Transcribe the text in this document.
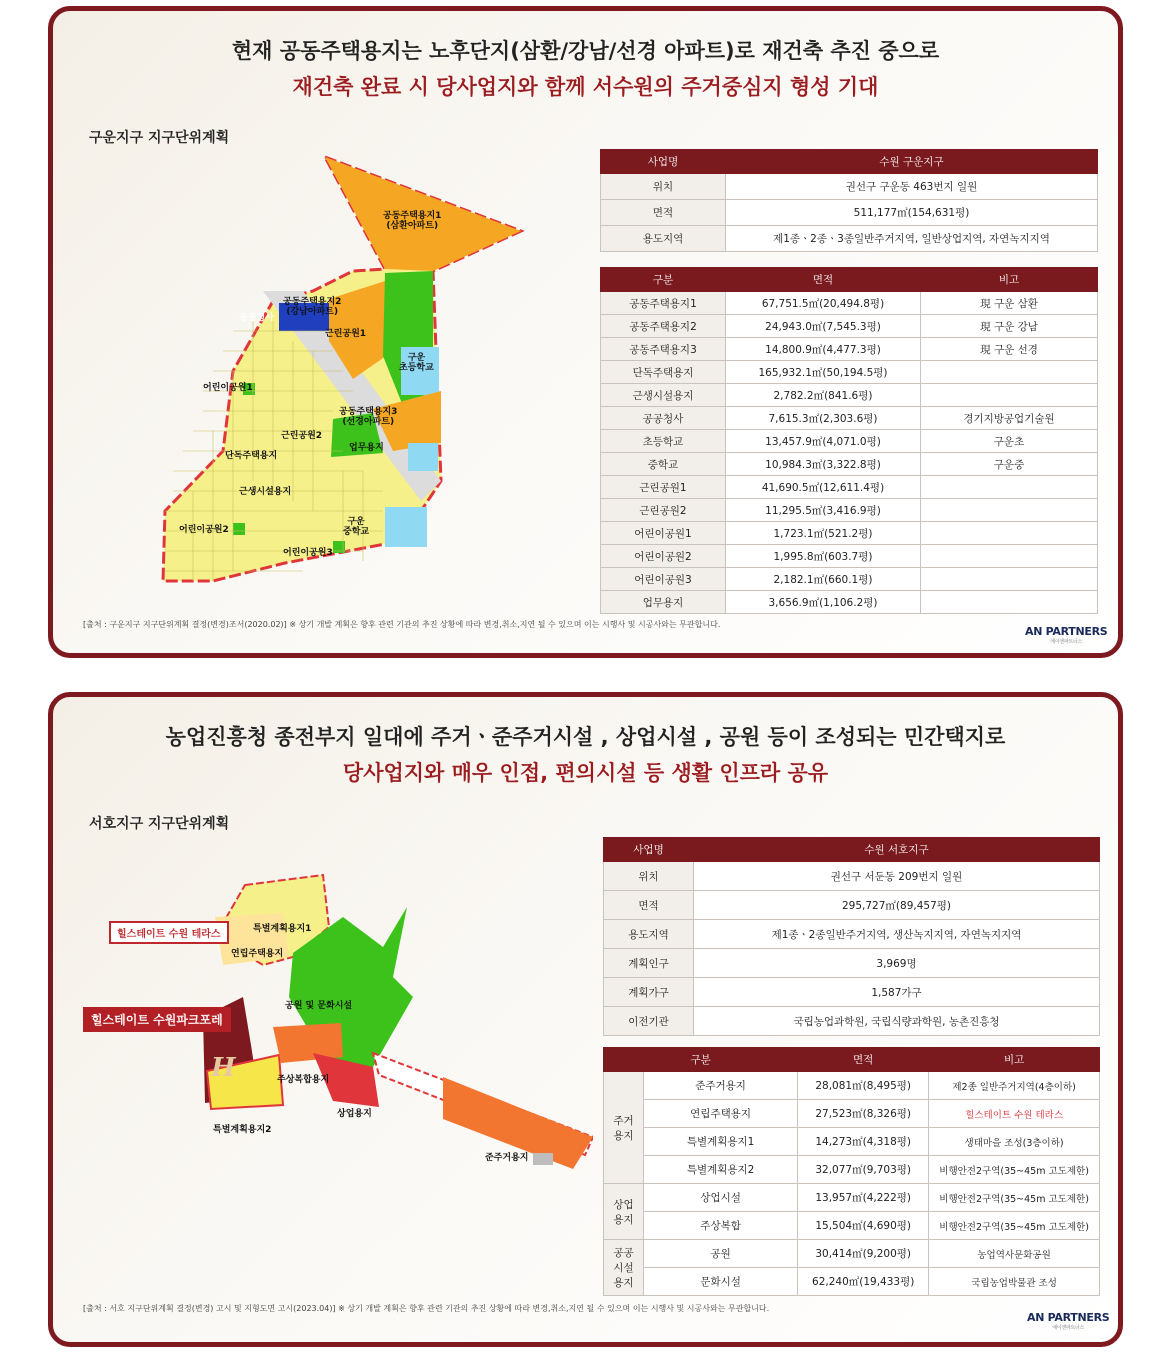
현재 공동주택용지는 노후단지(삼환/강남/선경 아파트)로 재건축 추진 중으로
재건축 완료 시 당사업지와 함께 서수원의 주거중심지 형성 기대
구운지구 지구단위계획
공동주택용지1
(삼환아파트)
공동주택용지2
(강남아파트)
공공청사
근린공원1
구운
초등학교
어린이공원1
공동주택용지3
(선경아파트)
근린공원2
업무용지
단독주택용지
근생시설용지
구운
중학교
어린이공원2
어린이공원3
사업명	수원 구운지구
위치	권선구 구운동 463번지 일원
면적	511,177㎡(154,631평)
용도지역	제1종ㆍ2종ㆍ3종일반주거지역, 일반상업지역, 자연녹지지역
구분	면적	비고
공동주택용지1	67,751.5㎡(20,494.8평)	現 구운 삼환
공동주택용지2	24,943.0㎡(7,545.3평)	現 구운 강남
공동주택용지3	14,800.9㎡(4,477.3평)	現 구운 선경
단독주택용지	165,932.1㎡(50,194.5평)	
근생시설용지	2,782.2㎡(841.6평)	
공공청사	7,615.3㎡(2,303.6평)	경기지방공업기술원
초등학교	13,457.9㎡(4,071.0평)	구운초
중학교	10,984.3㎡(3,322.8평)	구운중
근린공원1	41,690.5㎡(12,611.4평)	
근린공원2	11,295.5㎡(3,416.9평)	
어린이공원1	1,723.1㎡(521.2평)	
어린이공원2	1,995.8㎡(603.7평)	
어린이공원3	2,182.1㎡(660.1평)	
업무용지	3,656.9㎡(1,106.2평)	
[출처 : 구운지구 지구단위계획 결정(변경)조서(2020.02)] ※ 상기 개발 계획은 향후 관련 기관의 추진 상황에 따라 변경,취소,지연 될 수 있으며 이는 시행사 및 시공사와는 무관합니다.
AN PARTNERS
에이엔파트너스
농업진흥청 종전부지 일대에 주거ㆍ준주거시설 , 상업시설 , 공원 등이 조성되는 민간택지로
당사업지와 매우 인접, 편의시설 등 생활 인프라 공유
서호지구 지구단위계획
힐스테이트 수원 테라스
힐스테이트 수원파크포레
특별계획용지1
연립주택용지
공원 및 문화시설
주상복합용지
상업용지
특별계획용지2
준주거용지
H
사업명	수원 서호지구
위치	권선구 서둔동 209번지 일원
면적	295,727㎡(89,457평)
용도지역	제1종ㆍ2종일반주거지역, 생산녹지지역, 자연녹지지역
계획인구	3,969명
계획가구	1,587가구
이전기관	국립농업과학원, 국립식량과학원, 농촌진흥청
구분		면적	비고
주거
용지	준주거용지	28,081㎡(8,495평)	제2종 일반주거지역(4층이하)
	연립주택용지	27,523㎡(8,326평)	힐스테이트 수원 테라스
	특별계획용지1	14,273㎡(4,318평)	생태마을 조성(3층이하)
	특별계획용지2	32,077㎡(9,703평)	비행안전2구역(35~45m 고도제한)
상업
용지	상업시설	13,957㎡(4,222평)	비행안전2구역(35~45m 고도제한)
	주상복합	15,504㎡(4,690평)	비행안전2구역(35~45m 고도제한)
공공
시설
용지	공원	30,414㎡(9,200평)	농업역사문화공원
	문화시설	62,240㎡(19,433평)	국립농업박물관 조성
[출처 : 서호 지구단위계획 결정(변경) 고시 및 지형도면 고시(2023.04)] ※ 상기 개발 계획은 향후 관련 기관의 추진 상황에 따라 변경,취소,지연 될 수 있으며 이는 시행사 및 시공사와는 무관합니다.
AN PARTNERS
에이엔파트너스
